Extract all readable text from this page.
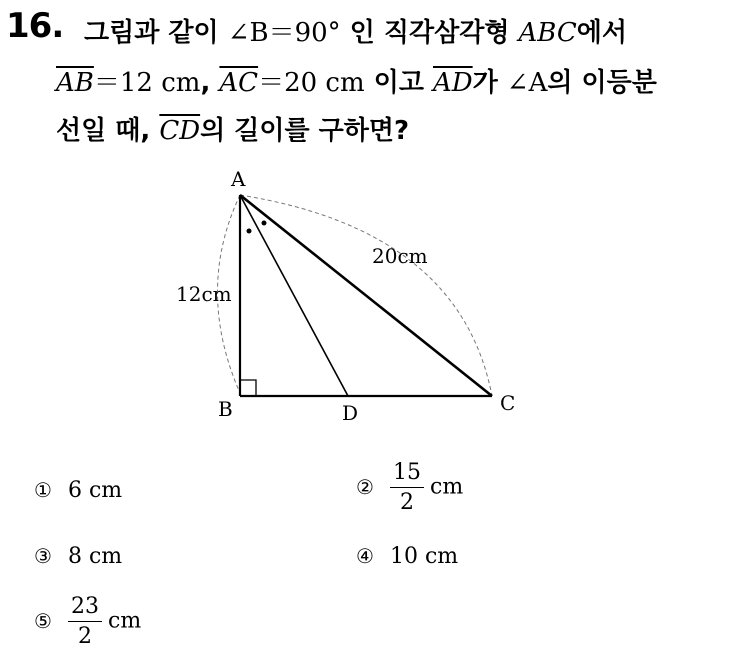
16. 그림과 같이 ∠B＝90° 인 직각삼각형 ABC에서
$\overline{AB}=12$ cm, $\overline{AC}=20$ cm 이고 $\overline{AD}$가 ∠A의 이등분
선일 때, $\overline{CD}$의 길이를 구하면?
A
B	C
D
12cm
20cm
① 6 cm	② $\frac{15}{2}$ cm
③ 8 cm	④ 10 cm
⑤ $\frac{23}{2}$ cm
